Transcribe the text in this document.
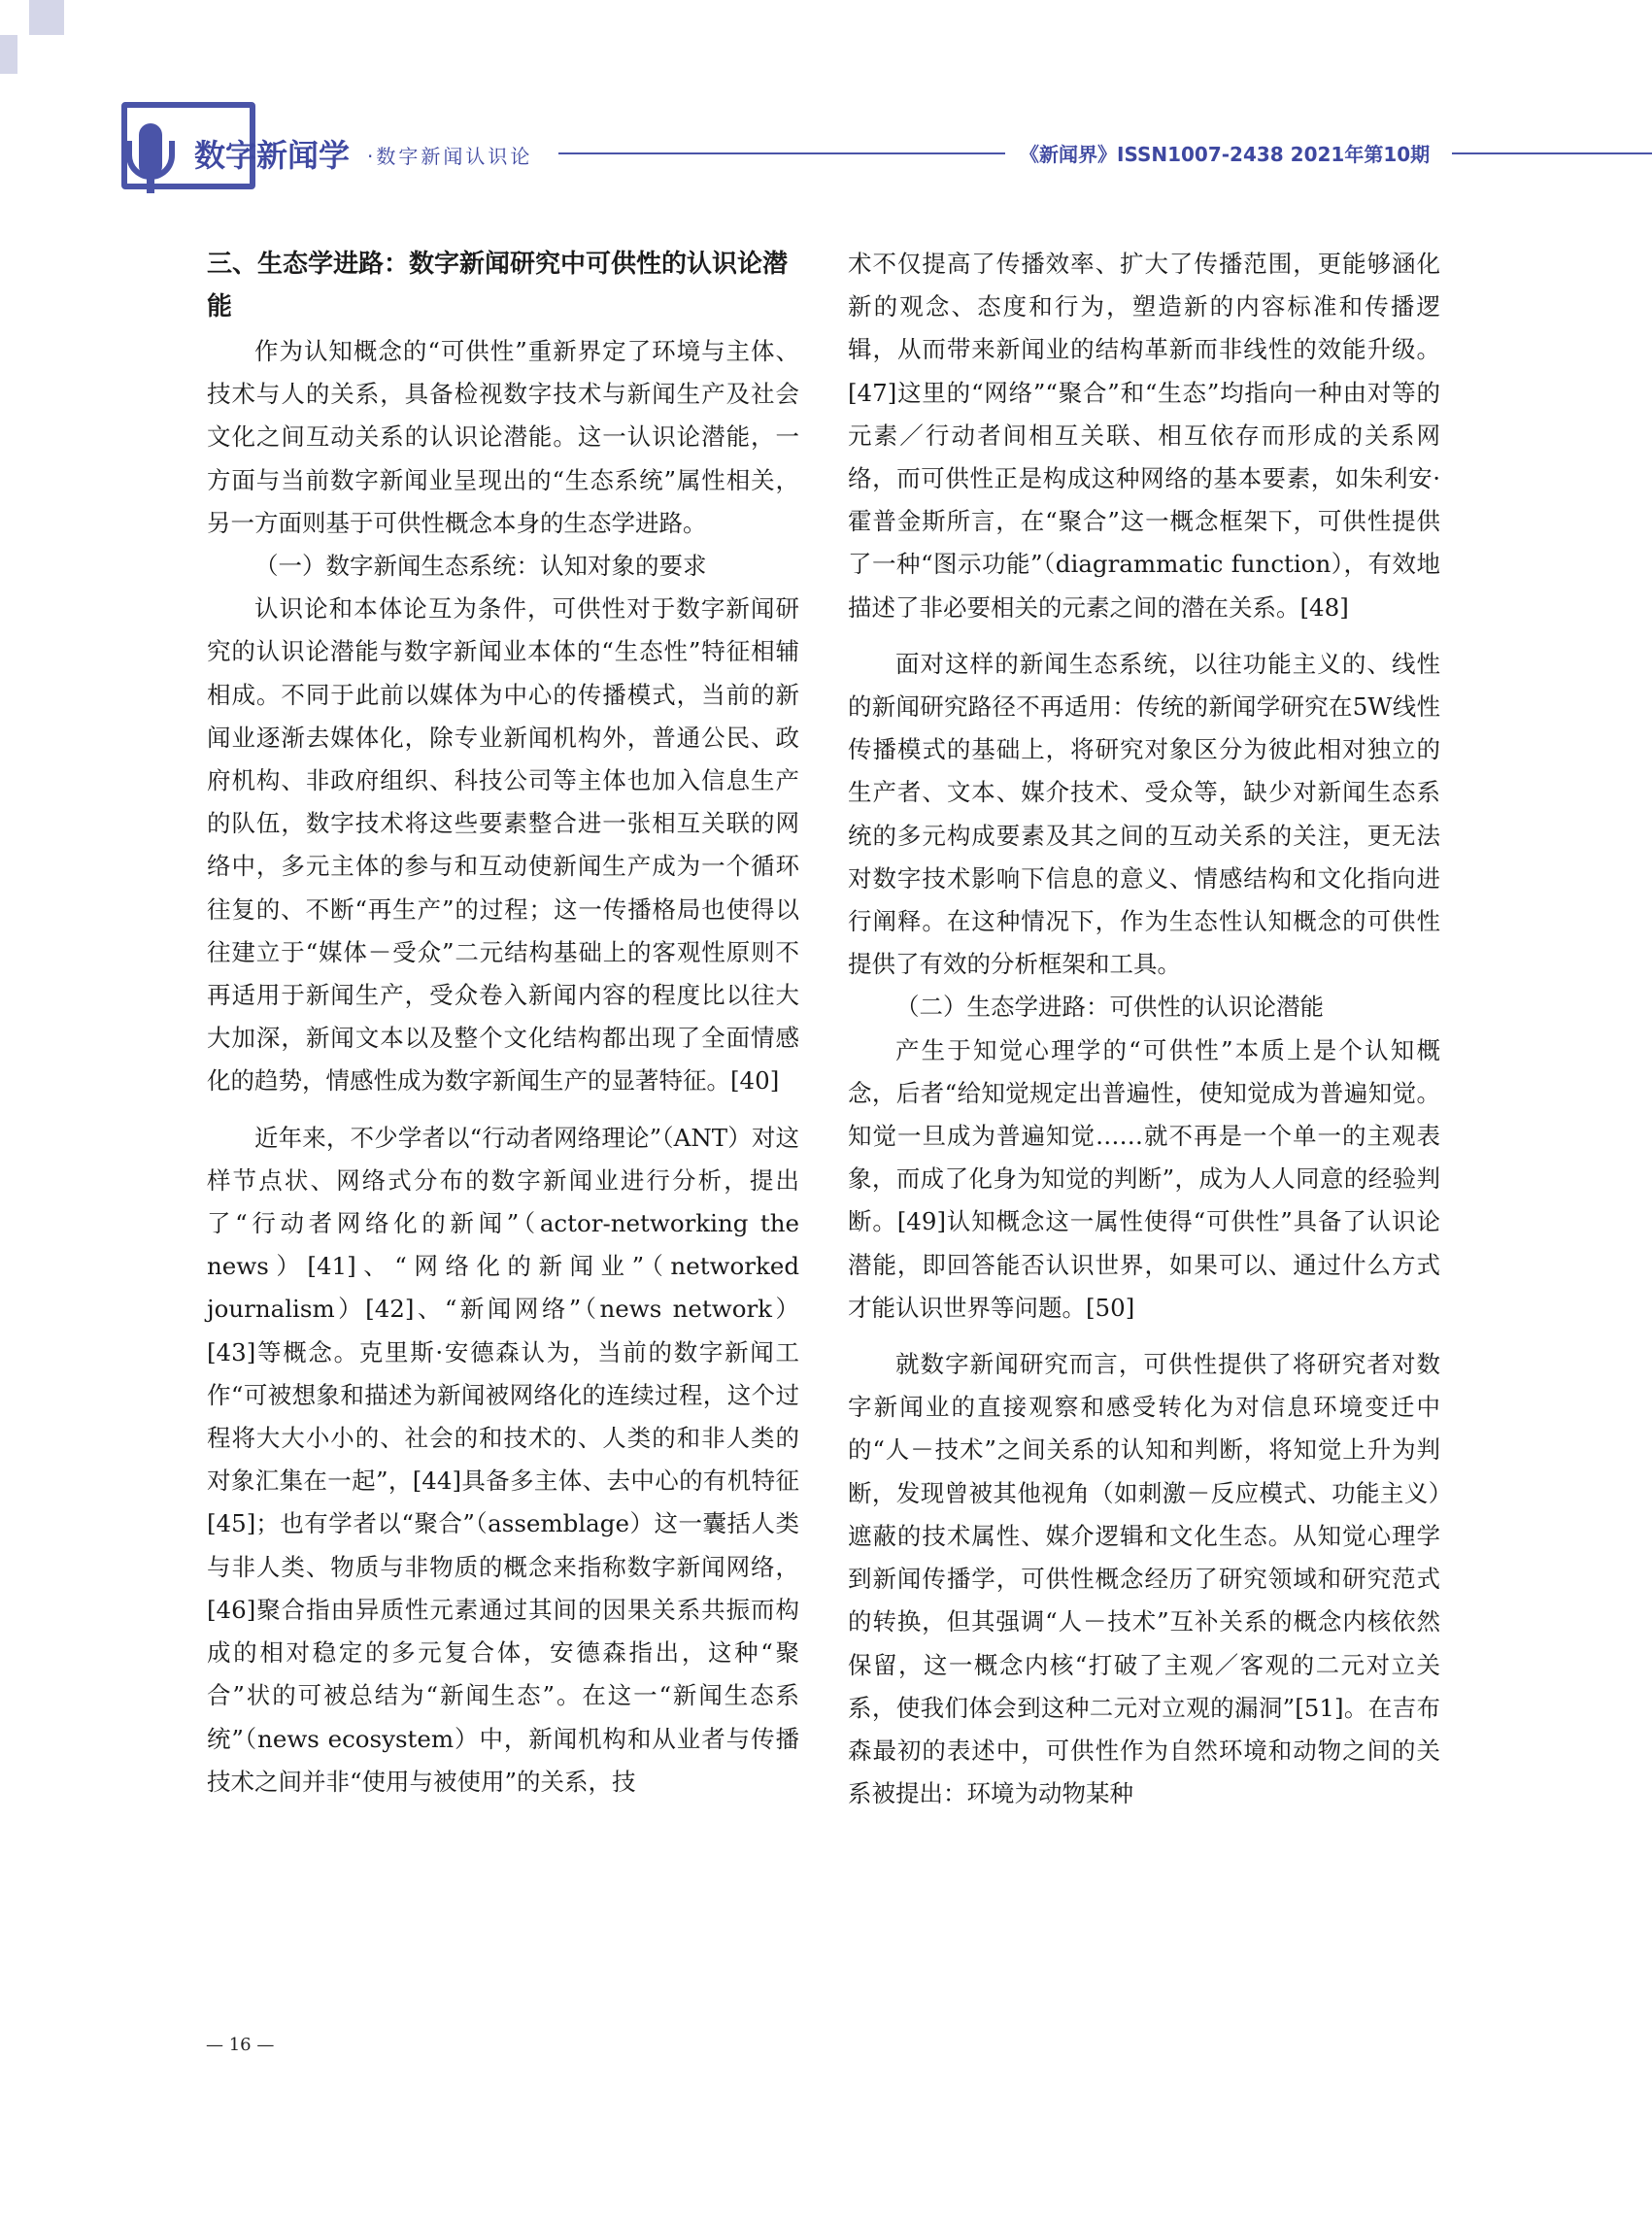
数字新闻学 ·数字新闻认识论	《新闻界》ISSN1007-2438 2021年第10期
三、生态学进路：数字新闻研究中可供性的认识论潜能

作为认知概念的“可供性”重新界定了环境与主体、技术与人的关系，具备检视数字技术与新闻生产及社会文化之间互动关系的认识论潜能。这一认识论潜能，一方面与当前数字新闻业呈现出的“生态系统”属性相关，另一方面则基于可供性概念本身的生态学进路。

（一）数字新闻生态系统：认知对象的要求

认识论和本体论互为条件，可供性对于数字新闻研究的认识论潜能与数字新闻业本体的“生态性”特征相辅相成。不同于此前以媒体为中心的传播模式，当前的新闻业逐渐去媒体化，除专业新闻机构外，普通公民、政府机构、非政府组织、科技公司等主体也加入信息生产的队伍，数字技术将这些要素整合进一张相互关联的网络中，多元主体的参与和互动使新闻生产成为一个循环往复的、不断“再生产”的过程；这一传播格局也使得以往建立于“媒体－受众”二元结构基础上的客观性原则不再适用于新闻生产，受众卷入新闻内容的程度比以往大大加深，新闻文本以及整个文化结构都出现了全面情感化的趋势，情感性成为数字新闻生产的显著特征。[40]

近年来，不少学者以“行动者网络理论”（ANT）对这样节点状、网络式分布的数字新闻业进行分析，提出了“行动者网络化的新闻”（actor-networking the news）[41]、“网络化的新闻业”（networked journalism）[42]、“新闻网络”（news network）[43]等概念。克里斯·安德森认为，当前的数字新闻工作“可被想象和描述为新闻被网络化的连续过程，这个过程将大大小小的、社会的和技术的、人类的和非人类的对象汇集在一起”，[44]具备多主体、去中心的有机特征[45]；也有学者以“聚合”（assemblage）这一囊括人类与非人类、物质与非物质的概念来指称数字新闻网络，[46]聚合指由异质性元素通过其间的因果关系共振而构成的相对稳定的多元复合体，安德森指出，这种“聚合”状的可被总结为“新闻生态”。在这一“新闻生态系统”（news ecosystem）中，新闻机构和从业者与传播技术之间并非“使用与被使用”的关系，技

术不仅提高了传播效率、扩大了传播范围，更能够涵化新的观念、态度和行为，塑造新的内容标准和传播逻辑，从而带来新闻业的结构革新而非线性的效能升级。[47]这里的“网络”“聚合”和“生态”均指向一种由对等的元素／行动者间相互关联、相互依存而形成的关系网络，而可供性正是构成这种网络的基本要素，如朱利安·霍普金斯所言，在“聚合”这一概念框架下，可供性提供了一种“图示功能”（diagrammatic function），有效地描述了非必要相关的元素之间的潜在关系。[48]

面对这样的新闻生态系统，以往功能主义的、线性的新闻研究路径不再适用：传统的新闻学研究在5W线性传播模式的基础上，将研究对象区分为彼此相对独立的生产者、文本、媒介技术、受众等，缺少对新闻生态系统的多元构成要素及其之间的互动关系的关注，更无法对数字技术影响下信息的意义、情感结构和文化指向进行阐释。在这种情况下，作为生态性认知概念的可供性提供了有效的分析框架和工具。

（二）生态学进路：可供性的认识论潜能

产生于知觉心理学的“可供性”本质上是个认知概念，后者“给知觉规定出普遍性，使知觉成为普遍知觉。知觉一旦成为普遍知觉……就不再是一个单一的主观表象，而成了化身为知觉的判断”，成为人人同意的经验判断。[49]认知概念这一属性使得“可供性”具备了认识论潜能，即回答能否认识世界，如果可以、通过什么方式才能认识世界等问题。[50]

就数字新闻研究而言，可供性提供了将研究者对数字新闻业的直接观察和感受转化为对信息环境变迁中的“人－技术”之间关系的认知和判断，将知觉上升为判断，发现曾被其他视角（如刺激－反应模式、功能主义）遮蔽的技术属性、媒介逻辑和文化生态。从知觉心理学到新闻传播学，可供性概念经历了研究领域和研究范式的转换，但其强调“人－技术”互补关系的概念内核依然保留，这一概念内核“打破了主观／客观的二元对立关系，使我们体会到这种二元对立观的漏洞”[51]。在吉布森最初的表述中，可供性作为自然环境和动物之间的关系被提出：环境为动物某种

— 16 —
